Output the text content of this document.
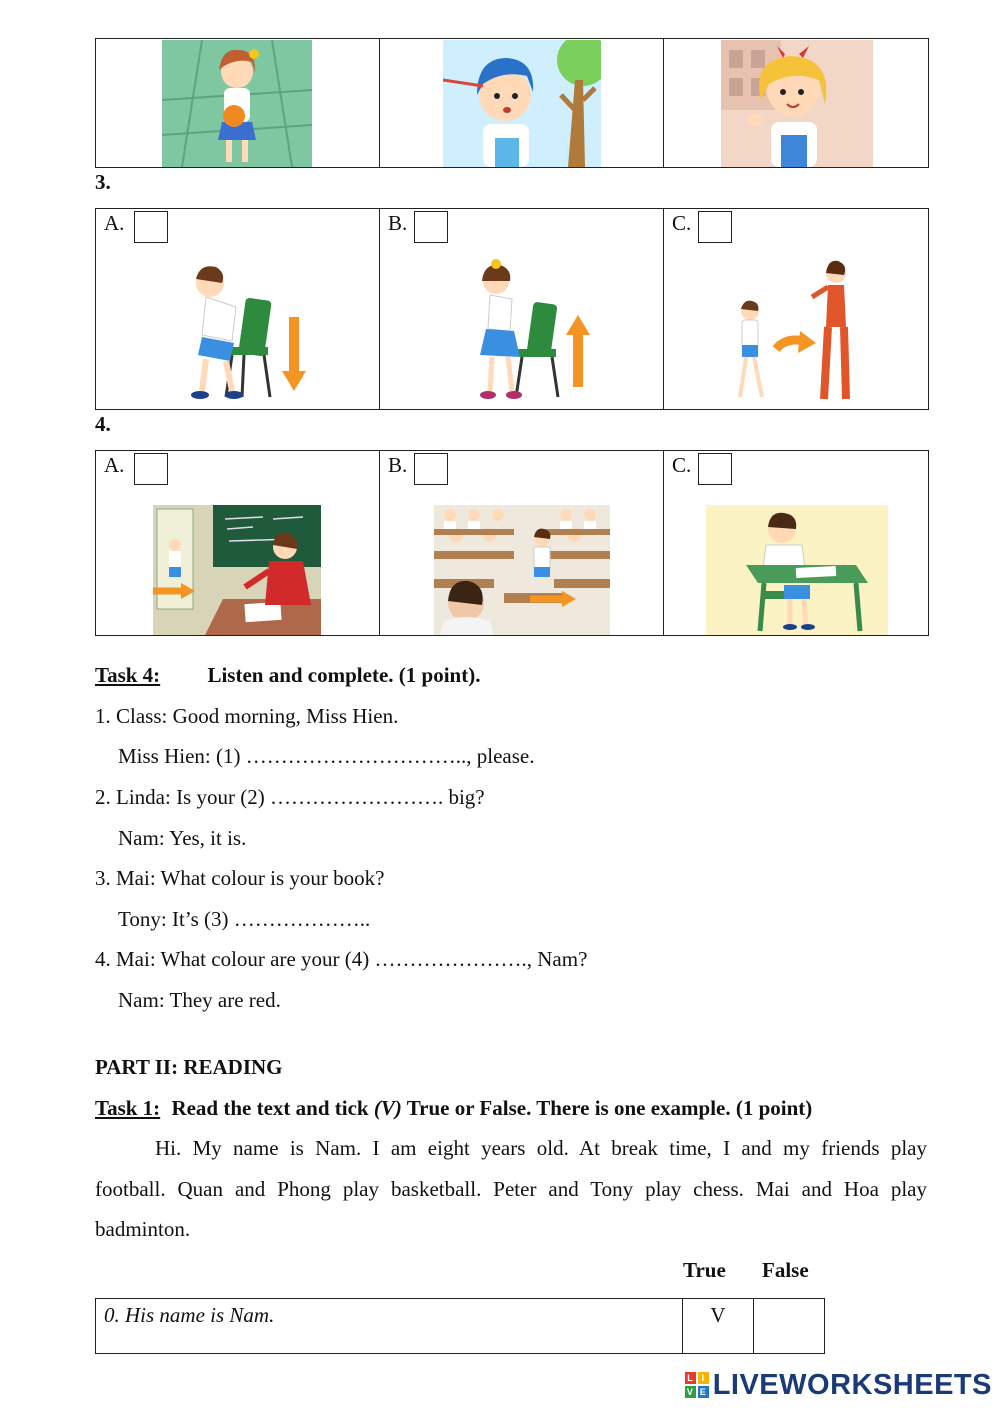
3.
A.	B.	C.
4.
A.	B.	C.
Task 4: Listen and complete. (1 point).
1. Class: Good morning, Miss Hien.
Miss Hien: (1) ………………………….., please.
2. Linda: Is your (2) ……………………. big?
Nam: Yes, it is.
3. Mai: What colour is your book?
Tony: It’s (3) ………………..
4. Mai: What colour are your (4) …………………., Nam?
Nam: They are red.
PART II: READING
Task 1: Read the text and tick (V) True or False. There is one example. (1 point)
Hi. My name is Nam. I am eight years old. At break time, I and my friends play
football. Quan and Phong play basketball. Peter and Tony play chess. Mai and Hoa play
badminton.
True False
0. His name is Nam.	V	
L I
V E LIVEWORKSHEETS
